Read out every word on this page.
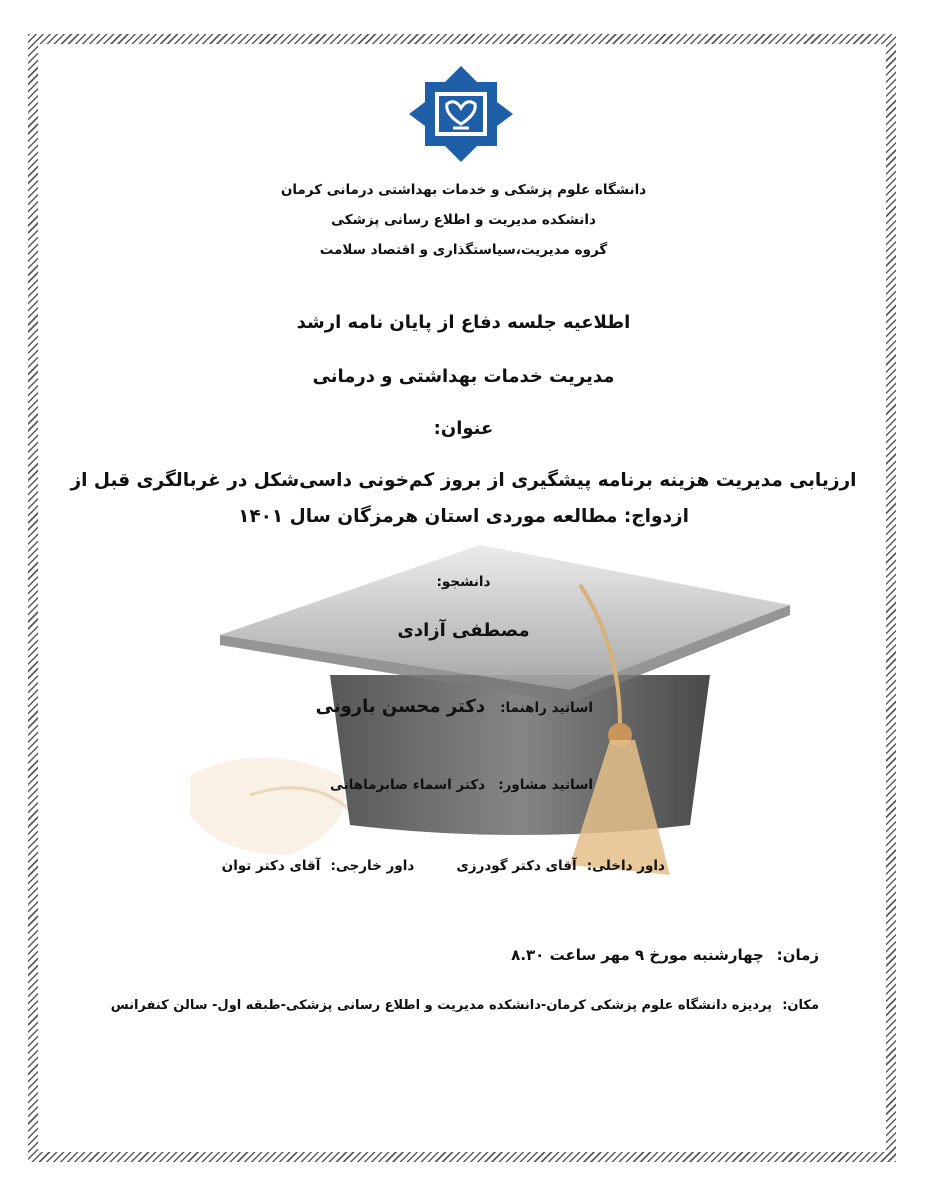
دانشگاه علوم پزشکی و خدمات بهداشتی درمانی کرمان
دانشکده مدیریت و اطلاع رسانی پزشکی
گروه مدیریت،سیاستگذاری و اقتصاد سلامت
اطلاعیه جلسه دفاع از پایان نامه ارشد
مدیریت خدمات بهداشتی و درمانی
عنوان:
ارزیابی مدیریت هزینه برنامه پیشگیری از بروز کم‌خونی داسی‌شکل در غربالگری قبل از
ازدواج: مطالعه موردی استان هرمزگان سال ۱۴۰۱
دانشجو:
مصطفی آزادی
اساتید راهنما: دکتر محسن بارونی
اساتید مشاور: دکتر اسماء صابرماهانی
داور داخلی: آقای دکتر گودرزی داور خارجی: آقای دکتر توان
زمان: چهارشنبه مورخ ۹ مهر ساعت ۸.۳۰
مکان: پردیزه دانشگاه علوم پزشکی کرمان-دانشکده مدیریت و اطلاع رسانی پزشکی-طبقه اول- سالن کنفرانس
